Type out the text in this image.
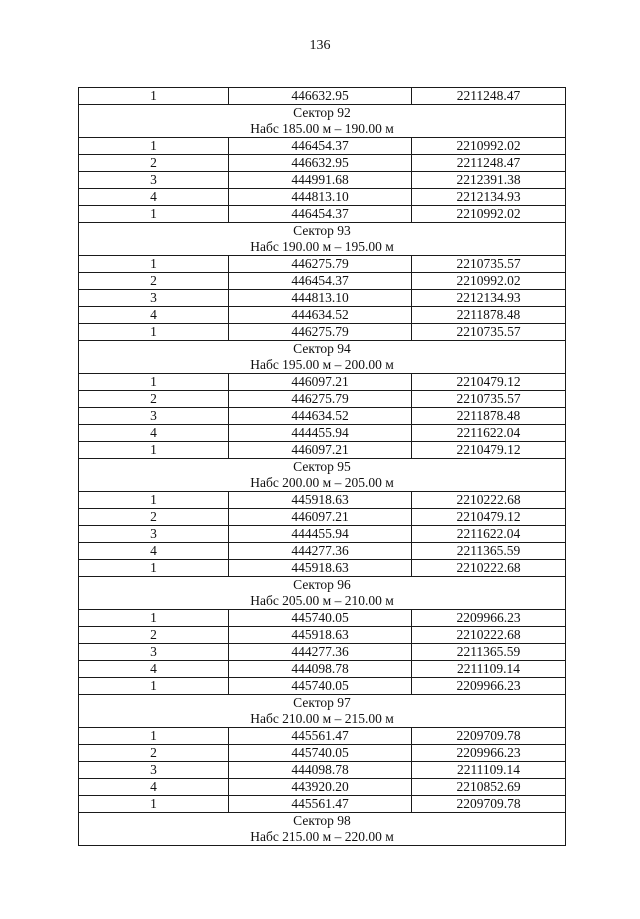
136
1	446632.95	2211248.47

Сектор 92
Набс 185.00 м – 190.00 м		

1	446454.37	2210992.02
2	446632.95	2211248.47
3	444991.68	2212391.38
4	444813.10	2212134.93
1	446454.37	2210992.02

Сектор 93
Набс 190.00 м – 195.00 м		

1	446275.79	2210735.57
2	446454.37	2210992.02
3	444813.10	2212134.93
4	444634.52	2211878.48
1	446275.79	2210735.57

Сектор 94
Набс 195.00 м – 200.00 м		

1	446097.21	2210479.12
2	446275.79	2210735.57
3	444634.52	2211878.48
4	444455.94	2211622.04
1	446097.21	2210479.12

Сектор 95
Набс 200.00 м – 205.00 м		

1	445918.63	2210222.68
2	446097.21	2210479.12
3	444455.94	2211622.04
4	444277.36	2211365.59
1	445918.63	2210222.68

Сектор 96
Набс 205.00 м – 210.00 м		

1	445740.05	2209966.23
2	445918.63	2210222.68
3	444277.36	2211365.59
4	444098.78	2211109.14
1	445740.05	2209966.23

Сектор 97
Набс 210.00 м – 215.00 м		

1	445561.47	2209709.78
2	445740.05	2209966.23
3	444098.78	2211109.14
4	443920.20	2210852.69
1	445561.47	2209709.78

Сектор 98
Набс 215.00 м – 220.00 м		
